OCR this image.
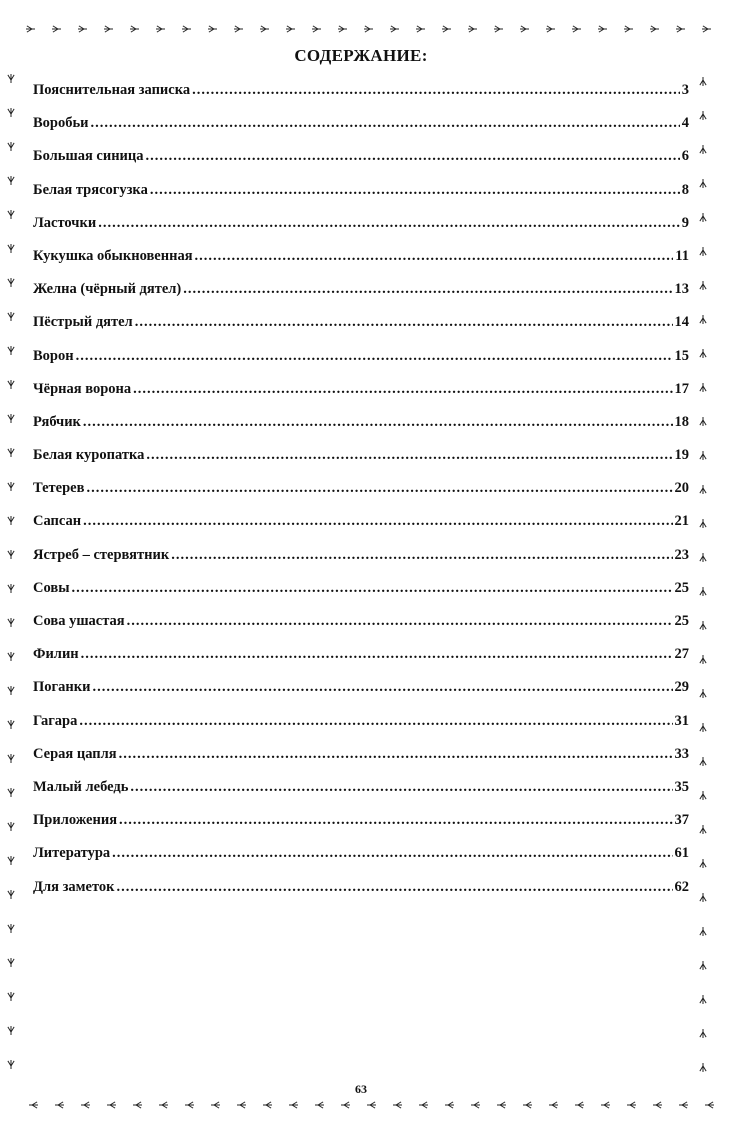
СОДЕРЖАНИЕ:
Пояснительная записка .....	3
Воробьи .....	4
Большая синица .....	6
Белая трясогузка .....	8
Ласточки .....	9
Кукушка обыкновенная .....	11
Желна (чёрный дятел) .....	13
Пёстрый дятел .....	14
Ворон .....	15
Чёрная ворона .....	17
Рябчик .....	18
Белая куропатка .....	19
Тетерев .....	20
Сапсан .....	21
Ястреб – стервятник .....	23
Совы .....	25
Сова ушастая .....	25
Филин .....	27
Поганки .....	29
Гагара .....	31
Серая цапля .....	33
Малый лебедь .....	35
Приложения .....	37
Литература .....	61
Для заметок .....	62
63
